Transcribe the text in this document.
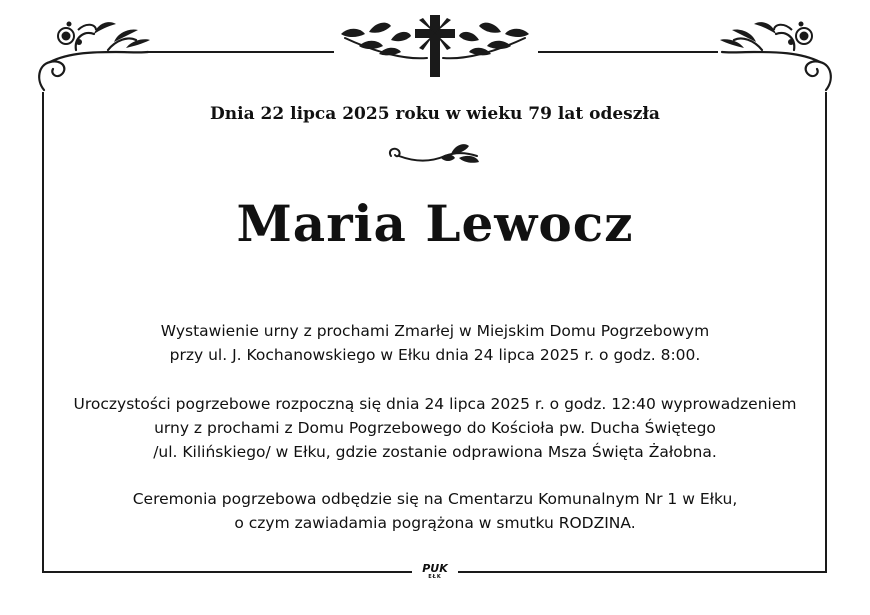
Dnia 22 lipca 2025 roku w wieku 79 lat odeszła
Maria Lewocz

Wystawienie urny z prochami Zmarłej w Miejskim Domu Pogrzebowym

przy ul. J. Kochanowskiego w Ełku dnia 24 lipca 2025 r. o godz. 8:00.

Uroczystości pogrzebowe rozpoczną się dnia 24 lipca 2025 r. o godz. 12:40 wyprowadzeniem

urny z prochami z Domu Pogrzebowego do Kościoła pw. Ducha Świętego

/ul. Kilińskiego/ w Ełku, gdzie zostanie odprawiona Msza Święta Żałobna.

Ceremonia pogrzebowa odbędzie się na Cmentarzu Komunalnym Nr 1 w Ełku,

o czym zawiadamia pogrążona w smutku RODZINA.

PUK
EŁK
